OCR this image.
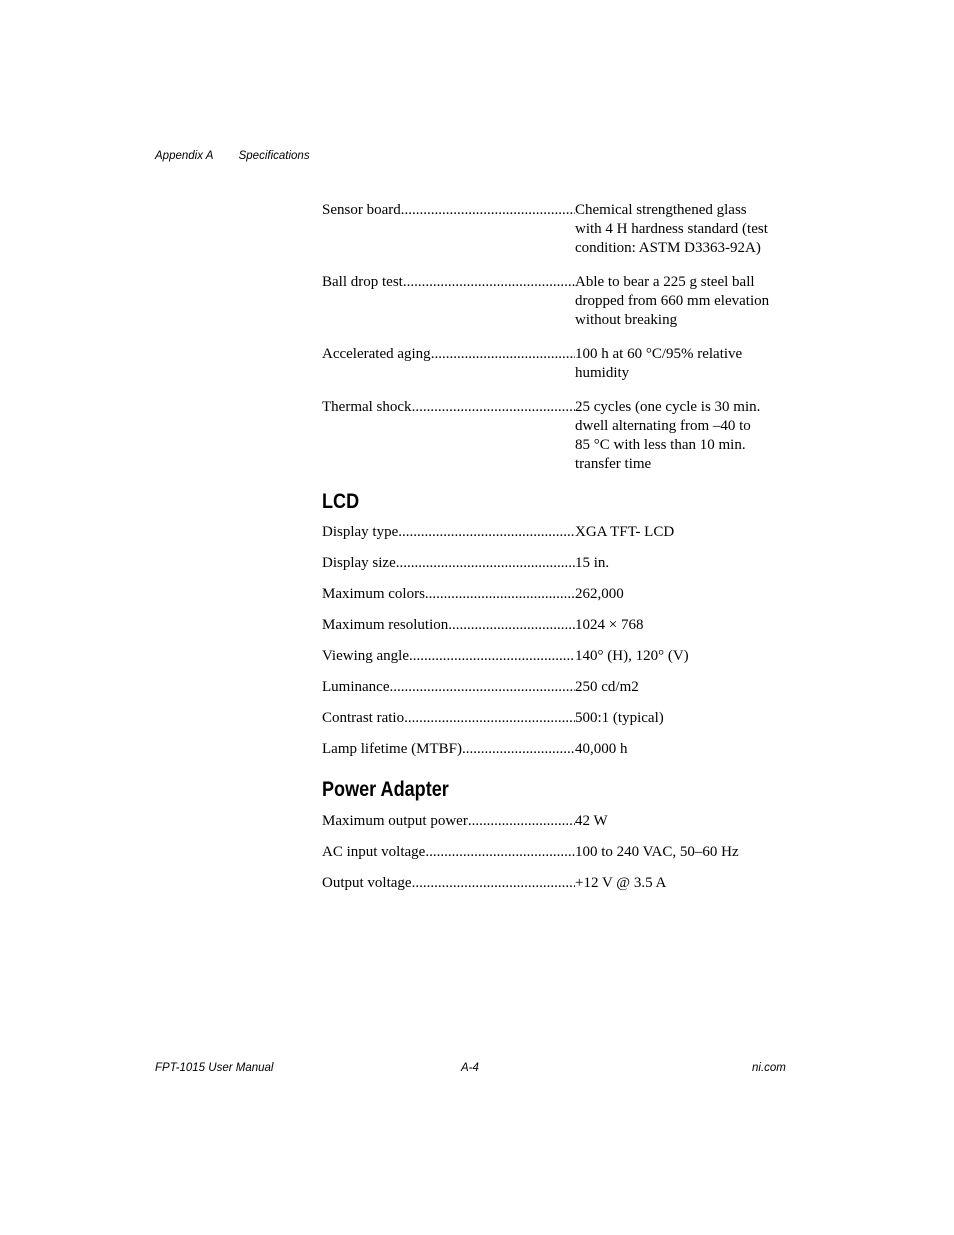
Appendix A Specifications
Sensor board .....	Chemical strengthened glass
with 4 H hardness standard (test
condition: ASTM D3363-92A)
Ball drop test .....	Able to bear a 225 g steel ball
dropped from 660 mm elevation
without breaking
Accelerated aging .....	100 h at 60 °C/95% relative
humidity
Thermal shock .....	25 cycles (one cycle is 30 min.
dwell alternating from –40 to
85 °C with less than 10 min.
transfer time
LCD
Display type .....	XGA TFT- LCD
Display size .....	15 in.
Maximum colors .....	262,000
Maximum resolution .....	1024 × 768
Viewing angle .....	140° (H), 120° (V)
Luminance .....	250 cd/m2
Contrast ratio .....	500:1 (typical)
Lamp lifetime (MTBF) .....	40,000 h
Power Adapter
Maximum output power .....	42 W
AC input voltage .....	100 to 240 VAC, 50–60 Hz
Output voltage .....	+12 V @ 3.5 A
FPT-1015 User Manual	A-4	ni.com
